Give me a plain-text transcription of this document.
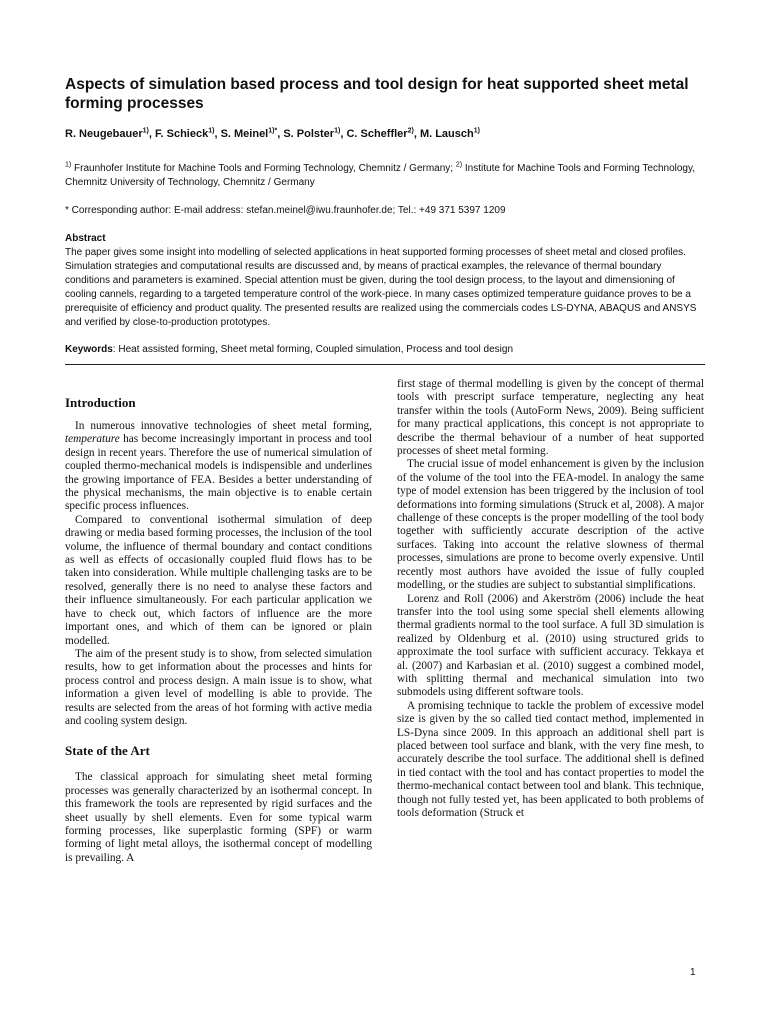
Aspects of simulation based process and tool design for heat supported sheet metal forming processes
R. Neugebauer$^{1)}$, F. Schieck$^{1)}$, S. Meinel$^{1)*}$, S. Polster$^{1)}$, C. Scheffler$^{2)}$, M. Lausch$^{1)}$
$^{1)}$ Fraunhofer Institute for Machine Tools and Forming Technology, Chemnitz / Germany; $^{2)}$ Institute for Machine Tools and Forming Technology, Chemnitz University of Technology, Chemnitz / Germany
* Corresponding author: E-mail address: stefan.meinel@iwu.fraunhofer.de; Tel.: +49 371 5397 1209
Abstract
The paper gives some insight into modelling of selected applications in heat supported forming processes of sheet metal and closed profiles. Simulation strategies and computational results are discussed and, by means of practical examples, the relevance of thermal boundary conditions and parameters is examined. Special attention must be given, during the tool design process, to the layout and dimensioning of cooling cannels, regarding to a targeted temperature control of the work-piece. In many cases optimized temperature guidance proves to be a prerequisite of efficiency and product quality. The presented results are realized using the commercials codes LS-DYNA, ABAQUS and ANSYS and verified by close-to-production prototypes.
Keywords: Heat assisted forming, Sheet metal forming, Coupled simulation, Process and tool design
Introduction

In numerous innovative technologies of sheet metal forming, temperature has become increasingly important in process and tool design in recent years. Therefore the use of numerical simulation of coupled thermo-mechanical models is indispensible and underlines the growing importance of FEA. Besides a better understanding of the physical mechanisms, the main objective is to enable certain specific process influences.

Compared to conventional isothermal simulation of deep drawing or media based forming processes, the inclusion of the tool volume, the influence of thermal boundary and contact conditions as well as effects of occasionally coupled fluid flows has to be taken into consideration. While multiple challenging tasks are to be resolved, generally there is no need to analyse these factors and their influence simultaneously. For each particular application we have to check out, which factors of influence are the more important ones, and which of them can be ignored or plain modelled.

The aim of the present study is to show, from selected simulation results, how to get information about the processes and hints for process control and process design. A main issue is to show, what information a given level of modelling is able to provide. The results are selected from the areas of hot forming with active media and cooling system design.

State of the Art

The classical approach for simulating sheet metal forming processes was generally characterized by an isothermal concept. In this framework the tools are represented by rigid surfaces and the sheet usually by shell elements. Even for some typical warm forming processes, like superplastic forming (SPF) or warm forming of light metal alloys, the isothermal concept of modelling is prevailing. A

first stage of thermal modelling is given by the concept of thermal tools with prescript surface temperature, neglecting any heat transfer within the tools (AutoForm News, 2009). Being sufficient for many practical applications, this concept is not appropriate to describe the thermal behaviour of a number of heat supported processes of sheet metal forming.

The crucial issue of model enhancement is given by the inclusion of the volume of the tool into the FEA-model. In analogy the same type of model extension has been triggered by the inclusion of tool deformations into forming simulations (Struck et al, 2008). A major challenge of these concepts is the proper modelling of the tool body together with sufficiently accurate description of the active surfaces. Taking into account the relative slowness of thermal processes, simulations are prone to become overly expensive. Until recently most authors have avoided the issue of fully coupled modelling, or the studies are subject to substantial simplifications.

Lorenz and Roll (2006) and Akerström (2006) include the heat transfer into the tool using some special shell elements allowing thermal gradients normal to the tool surface. A full 3D simulation is realized by Oldenburg et al. (2010) using structured grids to approximate the tool surface with sufficient accuracy. Tekkaya et al. (2007) and Karbasian et al. (2010) suggest a combined model, with splitting thermal and mechanical simulation into two submodels using different software tools.

A promising technique to tackle the problem of excessive model size is given by the so called tied contact method, implemented in LS-Dyna since 2009. In this approach an additional shell part is placed between tool surface and blank, with the very fine mesh, to accurately describe the tool surface. The additional shell is defined in tied contact with the tool and has contact properties to model the thermo-mechanical contact between tool and blank. This technique, though not fully tested yet, has been applicated to both problems of tools deformation (Struck et

1
